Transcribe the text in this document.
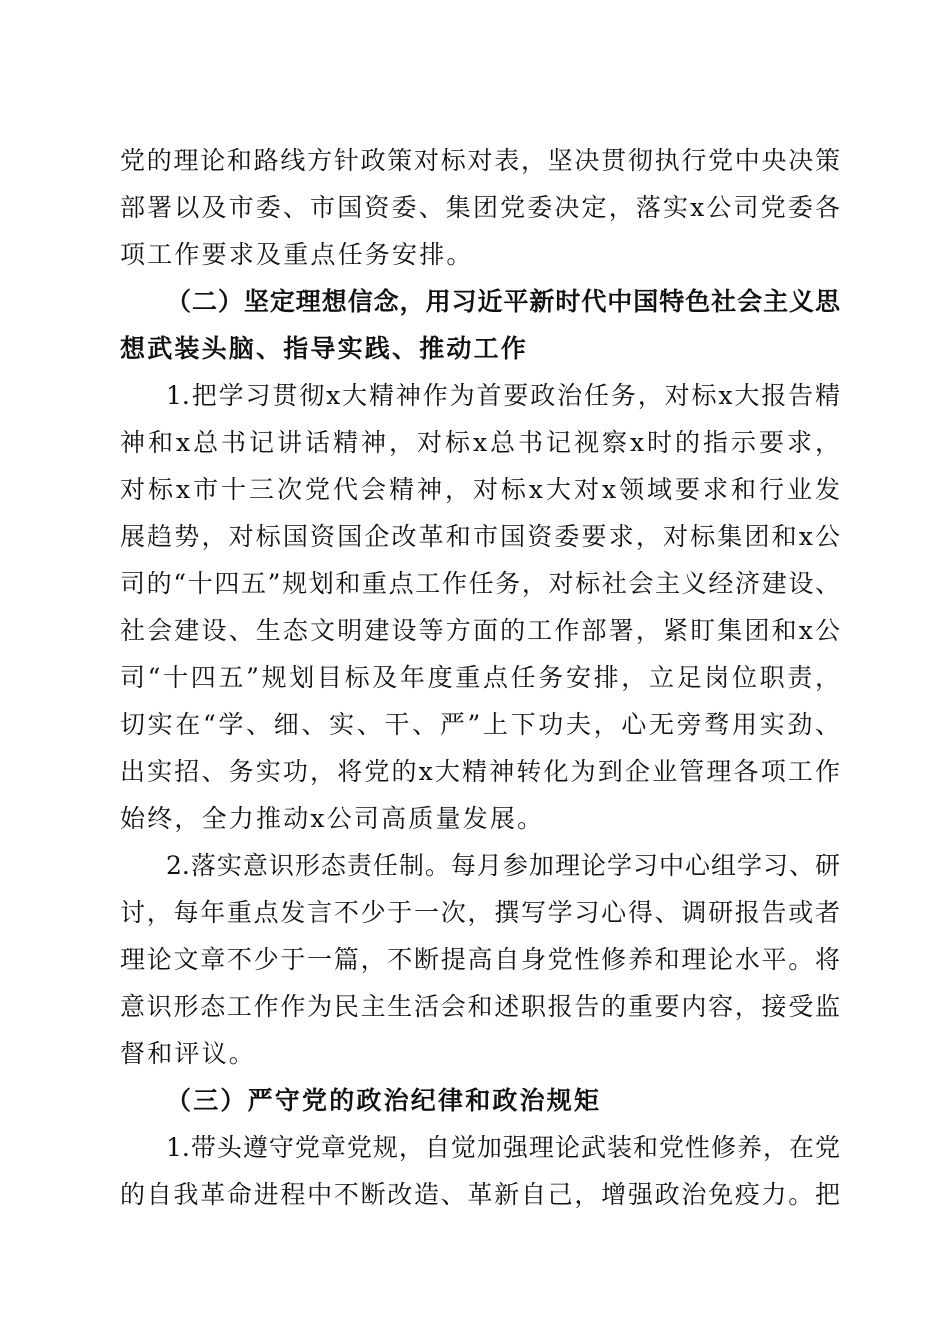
党的理论和路线方针政策对标对表，坚决贯彻执行党中央决策
部署以及市委、市国资委、集团党委决定，落实x公司党委各
项工作要求及重点任务安排。
（二）坚定理想信念，用习近平新时代中国特色社会主义思
想武装头脑、指导实践、推动工作
1.把学习贯彻x大精神作为首要政治任务，对标x大报告精
神和x总书记讲话精神，对标x总书记视察x时的指示要求，
对标x市十三次党代会精神，对标x大对x领域要求和行业发
展趋势，对标国资国企改革和市国资委要求，对标集团和x公
司的“十四五”规划和重点工作任务，对标社会主义经济建设、
社会建设、生态文明建设等方面的工作部署，紧盯集团和x公
司“十四五”规划目标及年度重点任务安排，立足岗位职责，
切实在“学、细、实、干、严”上下功夫，心无旁骛用实劲、
出实招、务实功，将党的x大精神转化为到企业管理各项工作
始终，全力推动x公司高质量发展。
2.落实意识形态责任制。每月参加理论学习中心组学习、研
讨，每年重点发言不少于一次，撰写学习心得、调研报告或者
理论文章不少于一篇，不断提高自身党性修养和理论水平。将
意识形态工作作为民主生活会和述职报告的重要内容，接受监
督和评议。
（三）严守党的政治纪律和政治规矩
1.带头遵守党章党规，自觉加强理论武装和党性修养，在党
的自我革命进程中不断改造、革新自己，增强政治免疫力。把
